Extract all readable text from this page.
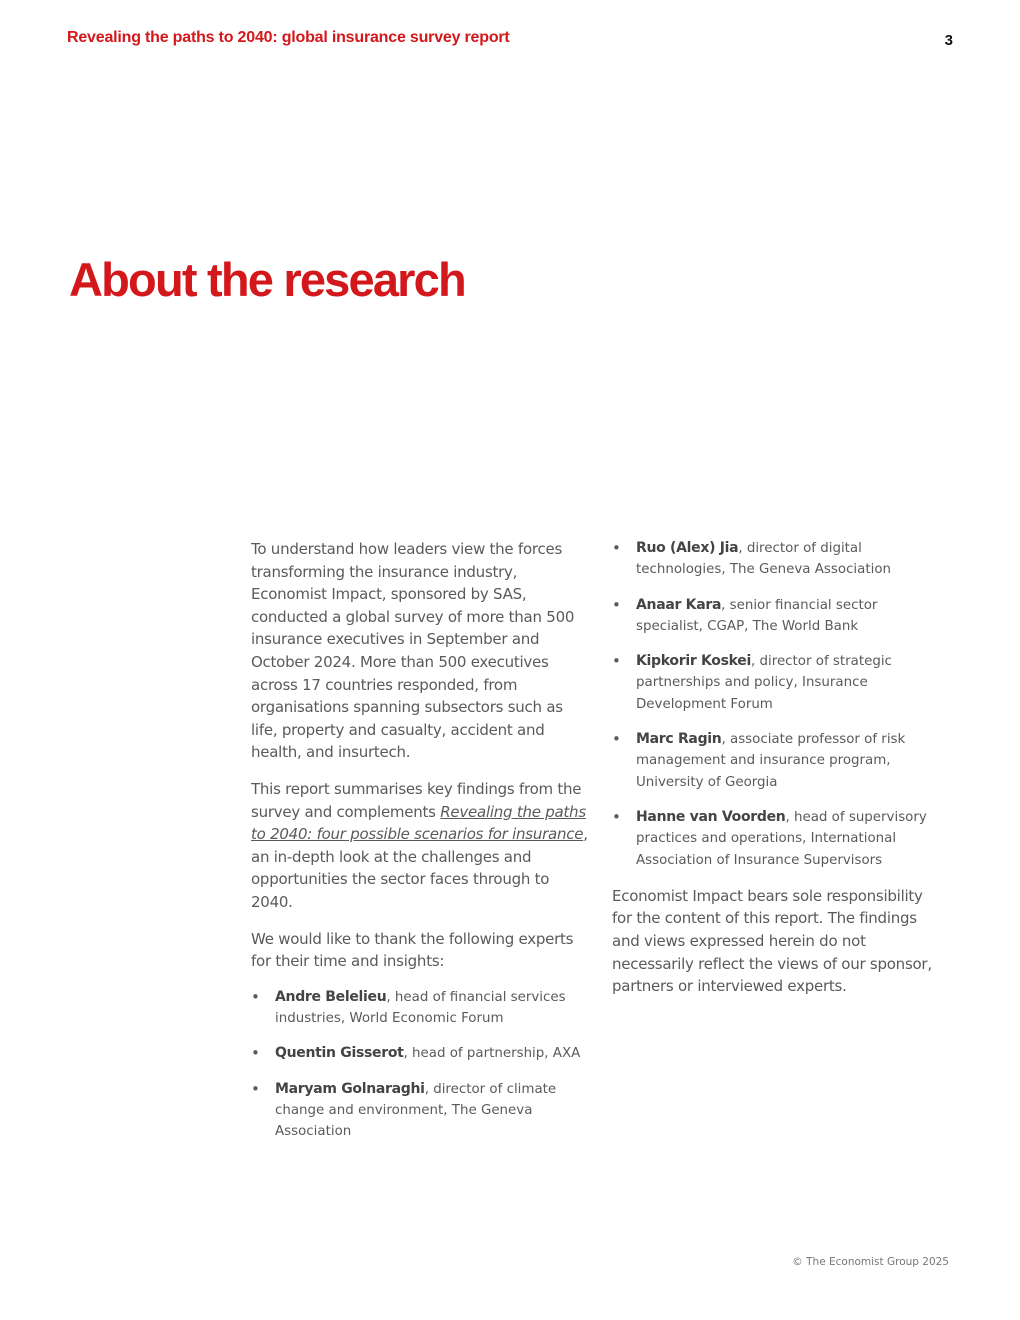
Revealing the paths to 2040: global insurance survey report	3
About the research

To understand how leaders view the forces transforming the insurance industry, Economist Impact, sponsored by SAS, conducted a global survey of more than 500 insurance executives in September and October 2024. More than 500 executives across 17 countries responded, from organisations spanning subsectors such as life, property and casualty, accident and health, and insurtech.

This report summarises key findings from the survey and complements Revealing the paths to 2040: four possible scenarios for insurance, an in-depth look at the challenges and opportunities the sector faces through to 2040.

We would like to thank the following experts for their time and insights:

• Andre Belelieu, head of financial services industries, World Economic Forum
• Quentin Gisserot, head of partnership, AXA
• Maryam Golnaraghi, director of climate change and environment, The Geneva Association
• Ruo (Alex) Jia, director of digital technologies, The Geneva Association
• Anaar Kara, senior financial sector specialist, CGAP, The World Bank
• Kipkorir Koskei, director of strategic partnerships and policy, Insurance Development Forum
• Marc Ragin, associate professor of risk management and insurance program, University of Georgia
• Hanne van Voorden, head of supervisory practices and operations, International Association of Insurance Supervisors

Economist Impact bears sole responsibility for the content of this report. The findings and views expressed herein do not necessarily reflect the views of our sponsor, partners or interviewed experts.

© The Economist Group 2025
